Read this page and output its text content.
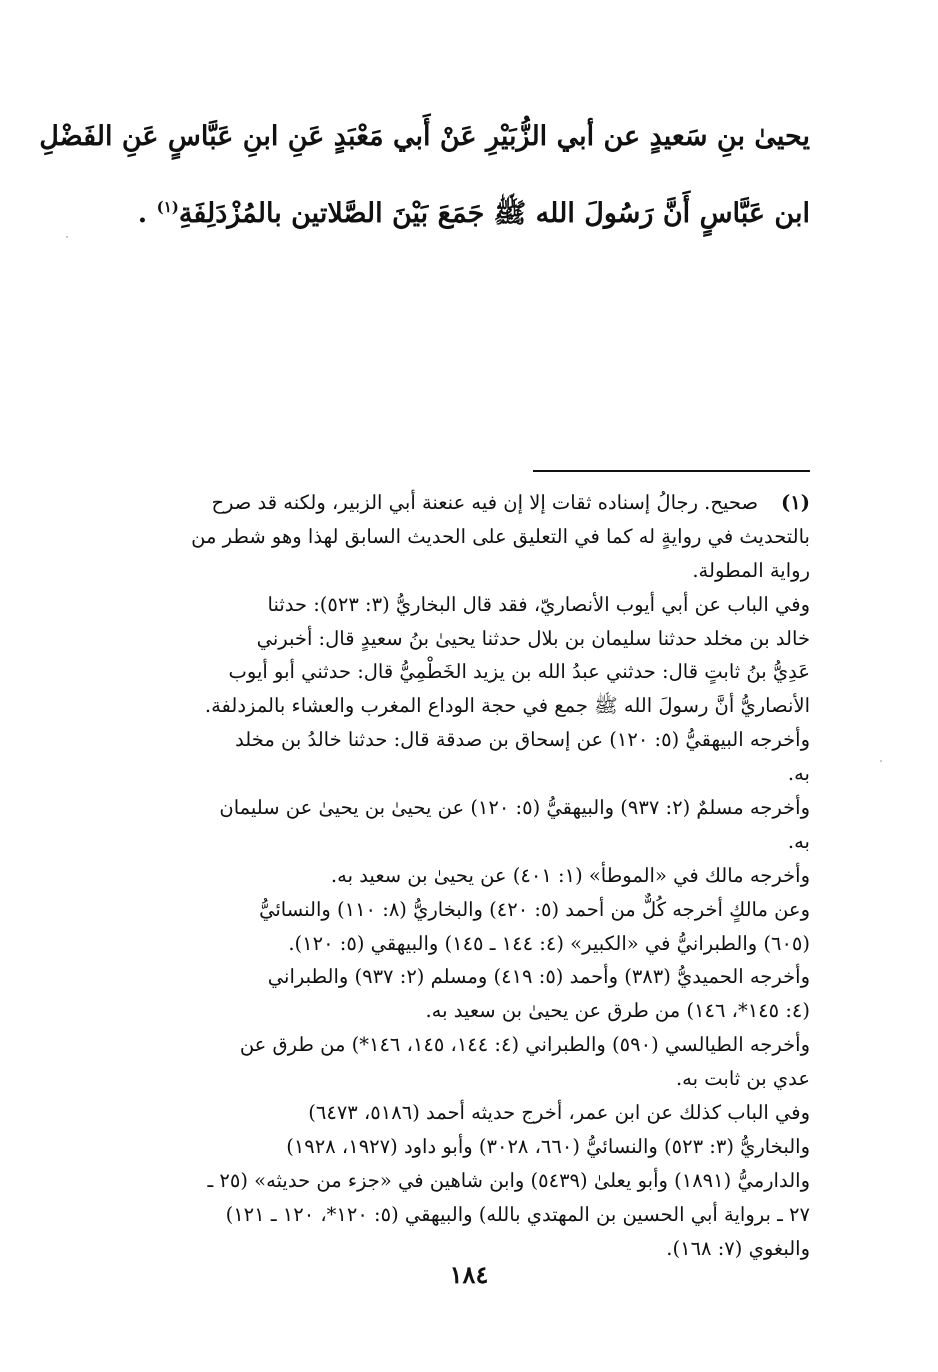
يحيىٰ بنِ سَعيدٍ عن أبي الزُّبَيْرِ عَنْ أَبي مَعْبَدٍ عَنِ ابنِ عَبَّاسٍ عَنِ الفَضْلِ
ابن عَبَّاسٍ أَنَّ رَسُولَ الله ﷺ جَمَعَ بَيْنَ الصَّلاتين بالمُزْدَلِفَةِ$^{(١)}$ .
(١)
صحيح. رجالُ إسناده ثقات إلا إن فيه عنعنة أبي الزبير، ولكنه قد صرح
بالتحديث في روايةٍ له كما في التعليق على الحديث السابق لهذا وهو شطر من
رواية المطولة.
وفي الباب عن أبي أيوب الأنصاريّ، فقد قال البخاريُّ (٣: ٥٢٣): حدثنا
خالد بن مخلد حدثنا سليمان بن بلال حدثنا يحيىٰ بنُ سعيدٍ قال: أخبرني
عَدِيُّ بنُ ثابتٍ قال: حدثني عبدُ الله بن يزيد الخَطْمِيُّ قال: حدثني أبو أيوب
الأنصاريُّ أنَّ رسولَ الله ﷺ جمع في حجة الوداع المغرب والعشاء بالمزدلفة.
وأخرجه البيهقيُّ (٥: ١٢٠) عن إسحاق بن صدقة قال: حدثنا خالدُ بن مخلد
به.
وأخرجه مسلمٌ (٢: ٩٣٧) والبيهقيُّ (٥: ١٢٠) عن يحيىٰ بن يحيىٰ عن سليمان
به.
وأخرجه مالك في «الموطأ» (١: ٤٠١) عن يحيىٰ بن سعيد به.
وعن مالكٍ أخرجه كُلٌّ من أحمد (٥: ٤٢٠) والبخاريُّ (٨: ١١٠) والنسائيُّ
(٦٠٥) والطبرانيُّ في «الكبير» (٤: ١٤٤ ـ ١٤٥) والبيهقي (٥: ١٢٠).
وأخرجه الحميديُّ (٣٨٣) وأحمد (٥: ٤١٩) ومسلم (٢: ٩٣٧) والطبراني
(٤: ١٤٥*، ١٤٦) من طرق عن يحيىٰ بن سعيد به.
وأخرجه الطيالسي (٥٩٠) والطبراني (٤: ١٤٤، ١٤٥، ١٤٦*) من طرق عن
عدي بن ثابت به.
وفي الباب كذلك عن ابن عمر، أخرج حديثه أحمد (٥١٨٦، ٦٤٧٣)
والبخاريُّ (٣: ٥٢٣) والنسائيُّ (٦٦٠، ٣٠٢٨) وأبو داود (١٩٢٧، ١٩٢٨)
والدارميُّ (١٨٩١) وأبو يعلىٰ (٥٤٣٩) وابن شاهين في «جزء من حديثه» (٢٥ ـ
٢٧ ـ برواية أبي الحسين بن المهتدي بالله) والبيهقي (٥: ١٢٠*، ١٢٠ ـ ١٢١)
والبغوي (٧: ١٦٨).
١٨٤
